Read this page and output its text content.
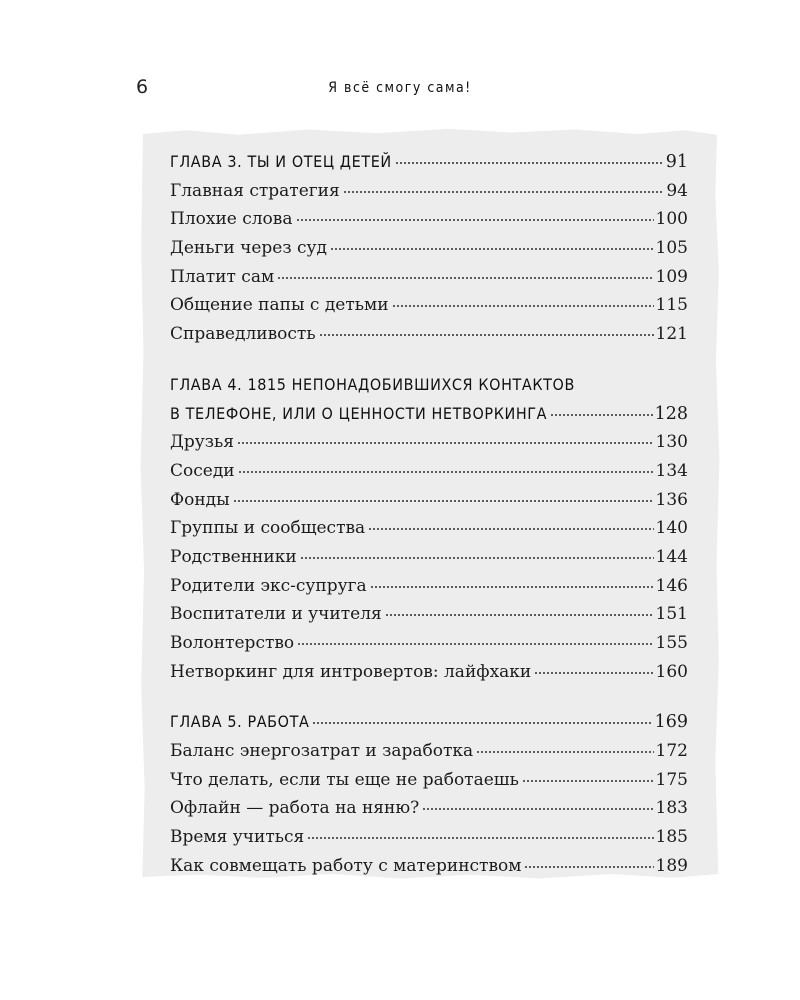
6	Я всё смогу сама!
ГЛАВА 3. ТЫ И ОТЕЦ ДЕТЕЙ	91
Главная стратегия	94
Плохие слова	100
Деньги через суд	105
Платит сам	109
Общение папы с детьми	115
Справедливость	121
ГЛАВА 4. 1815 НЕПОНАДОБИВШИХСЯ КОНТАКТОВ
В ТЕЛЕФОНЕ, ИЛИ О ЦЕННОСТИ НЕТВОРКИНГА	128
Друзья	130
Соседи	134
Фонды	136
Группы и сообщества	140
Родственники	144
Родители экс-супруга	146
Воспитатели и учителя	151
Волонтерство	155
Нетворкинг для интровертов: лайфхаки	160
ГЛАВА 5. РАБОТА	169
Баланс энергозатрат и заработка	172
Что делать, если ты еще не работаешь	175
Офлайн — работа на няню?	183
Время учиться	185
Как совмещать работу с материнством	189
